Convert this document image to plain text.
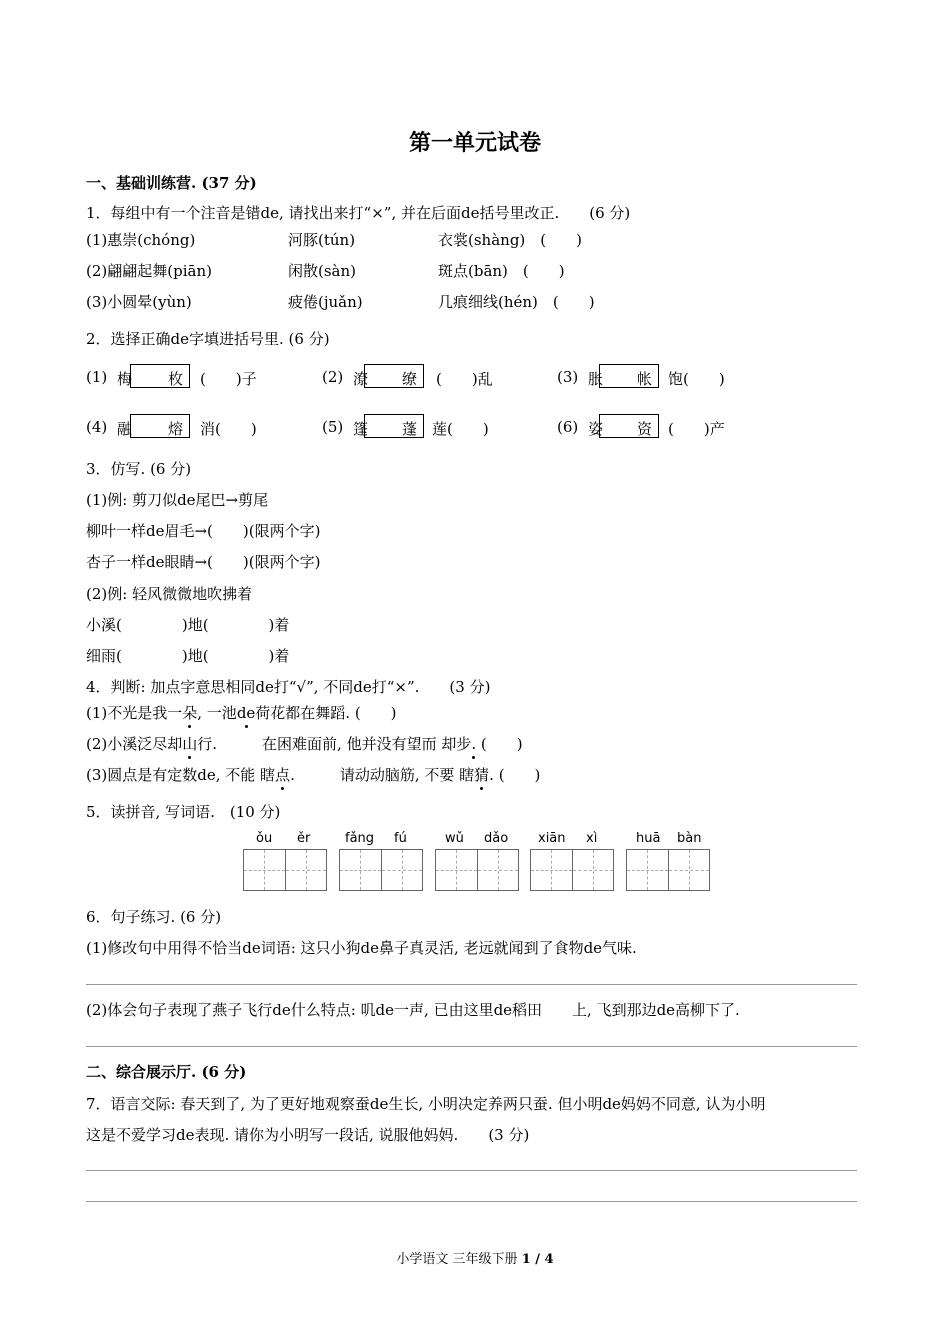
第一单元试卷
一、基础训练营. (37 分)
1．每组中有一个注音是错de, 请找出来打“×”, 并在后面de括号里改正.　　(6 分)
(1)惠崇(chóng)	河豚(tún)	衣裳(shàng)　(　　)
(2)翩翩起舞(piān)	闲散(sàn)	斑点(bān)　(　　)
(3)小圆晕(yùn)	疲倦(juǎn)	几痕细线(hén)　(　　)
2．选择正确de字填进括号里. (6 分)
(1) 梅 枚 (　　)子	(2) 潦 缭 (　　)乱	(3) 胀 帐 饱(　　)
(4) 融 熔 消(　　)	(5) 篷 蓬 莲(　　)	(6) 姿 资 (　　)产
3．仿写. (6 分)
(1)例: 剪刀似de尾巴→剪尾
柳叶一样de眉毛→(　　)(限两个字)
杏子一样de眼睛→(　　)(限两个字)
(2)例: 轻风微微地吹拂着
小溪(　　　　)地(　　　　)着
细雨(　　　　)地(　　　　)着
4．判断: 加点字意思相同de打“√”, 不同de打“×”.　　(3 分)
(1)不光是我一朵, 一池de荷花都在舞蹈. (　　)
(2)小溪泛尽却山行.　　　在困难面前, 他并没有望而 却步. (　　)
(3)圆点是有定数de, 不能 瞎点.　　　请动动脑筋, 不要 瞎猜. (　　)
5．读拼音, 写词语.　(10 分)
ǒu ěr	fǎng fú	wǔ dǎo xiān xì	huā bàn
6．句子练习. (6 分)
(1)修改句中用得不恰当de词语: 这只小狗de鼻子真灵活, 老远就闻到了食物de气味.
(2)体会句子表现了燕子飞行de什么特点: 叽de一声, 已由这里de稻田　　上, 飞到那边de高柳下了.
二、综合展示厅. (6 分)
7．语言交际: 春天到了, 为了更好地观察蚕de生长, 小明决定养两只蚕. 但小明de妈妈不同意, 认为小明
这是不爱学习de表现. 请你为小明写一段话, 说服他妈妈.　　(3 分)
小学语文 三年级下册 1 / 4
